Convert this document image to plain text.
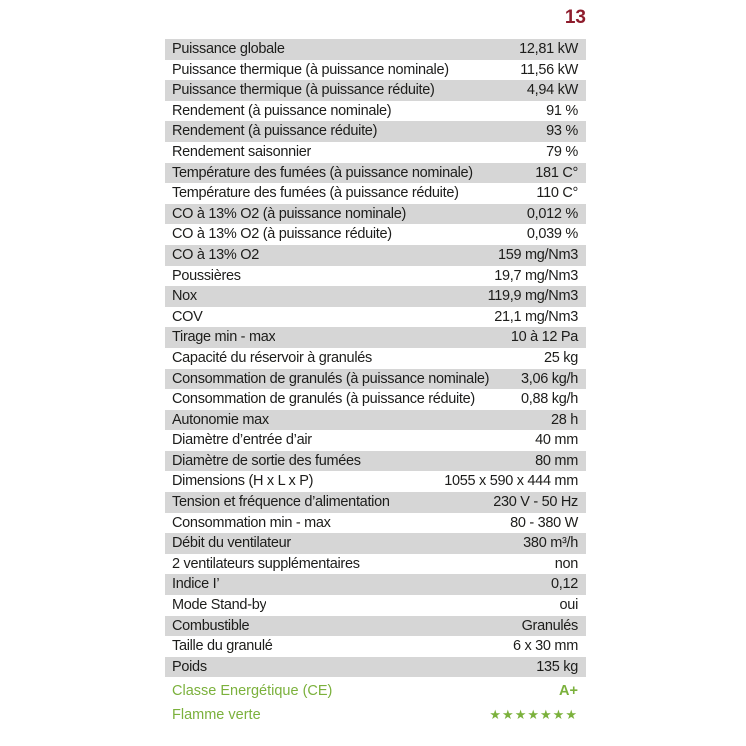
13
Puissance globale	12,81 kW
Puissance thermique (à puissance nominale)	11,56 kW
Puissance thermique (à puissance réduite)	4,94 kW
Rendement (à puissance nominale)	91 %
Rendement (à puissance réduite)	93 %
Rendement saisonnier	79 %
Température des fumées (à puissance nominale)	181 C°
Température des fumées (à puissance réduite)	110 C°
CO à 13% O2 (à puissance nominale)	0,012 %
CO à 13% O2 (à puissance réduite)	0,039 %
CO à 13% O2	159 mg/Nm3
Poussières	19,7 mg/Nm3
Nox	119,9 mg/Nm3
COV	21,1 mg/Nm3
Tirage min - max	10 à 12 Pa
Capacité du réservoir à granulés	25 kg
Consommation de granulés (à puissance nominale)	3,06 kg/h
Consommation de granulés (à puissance réduite)	0,88 kg/h
Autonomie max	28 h
Diamètre d’entrée d’air	40 mm
Diamètre de sortie des fumées	80 mm
Dimensions (H x L x P)	1055 x 590 x 444 mm
Tension et fréquence d’alimentation	230 V - 50 Hz
Consommation min - max	80 - 380 W
Débit du ventilateur	380 m³/h
2 ventilateurs supplémentaires	non
Indice I’	0,12
Mode Stand-by	oui
Combustible	Granulés
Taille du granulé	6 x 30 mm
Poids	135 kg
Classe Energétique (CE)	A+
Flamme verte	★★★★★★★
